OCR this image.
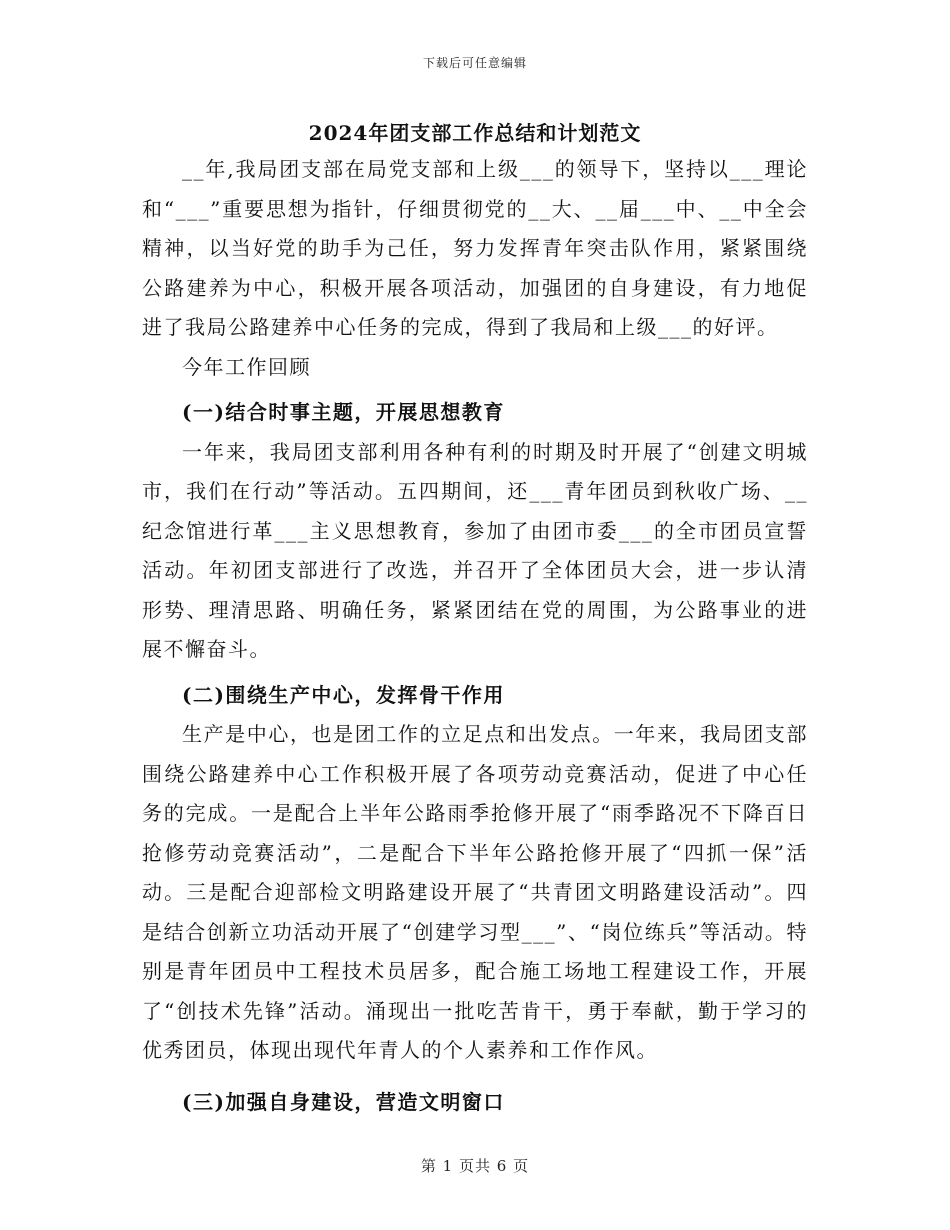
下载后可任意编辑
2024年团支部工作总结和计划范文

__年,我局团支部在局党支部和上级___的领导下，坚持以___理论和“___”重要思想为指针，仔细贯彻党的__大、__届___中、__中全会精神，以当好党的助手为己任，努力发挥青年突击队作用，紧紧围绕公路建养为中心，积极开展各项活动，加强团的自身建设，有力地促进了我局公路建养中心任务的完成，得到了我局和上级___的好评。

今年工作回顾

(一)结合时事主题，开展思想教育

一年来，我局团支部利用各种有利的时期及时开展了“创建文明城市，我们在行动”等活动。五四期间，还___青年团员到秋收广场、__纪念馆进行革___主义思想教育，参加了由团市委___的全市团员宣誓活动。年初团支部进行了改选，并召开了全体团员大会，进一步认清形势、理清思路、明确任务，紧紧团结在党的周围，为公路事业的进展不懈奋斗。

(二)围绕生产中心，发挥骨干作用

生产是中心，也是团工作的立足点和出发点。一年来，我局团支部围绕公路建养中心工作积极开展了各项劳动竞赛活动，促进了中心任务的完成。一是配合上半年公路雨季抢修开展了“雨季路况不下降百日抢修劳动竞赛活动”，二是配合下半年公路抢修开展了“四抓一保”活动。三是配合迎部检文明路建设开展了“共青团文明路建设活动”。四是结合创新立功活动开展了“创建学习型___”、“岗位练兵”等活动。特别是青年团员中工程技术员居多，配合施工场地工程建设工作，开展了“创技术先锋”活动。涌现出一批吃苦肯干，勇于奉献，勤于学习的优秀团员，体现出现代年青人的个人素养和工作作风。

(三)加强自身建设，营造文明窗口

第 1 页共 6 页
